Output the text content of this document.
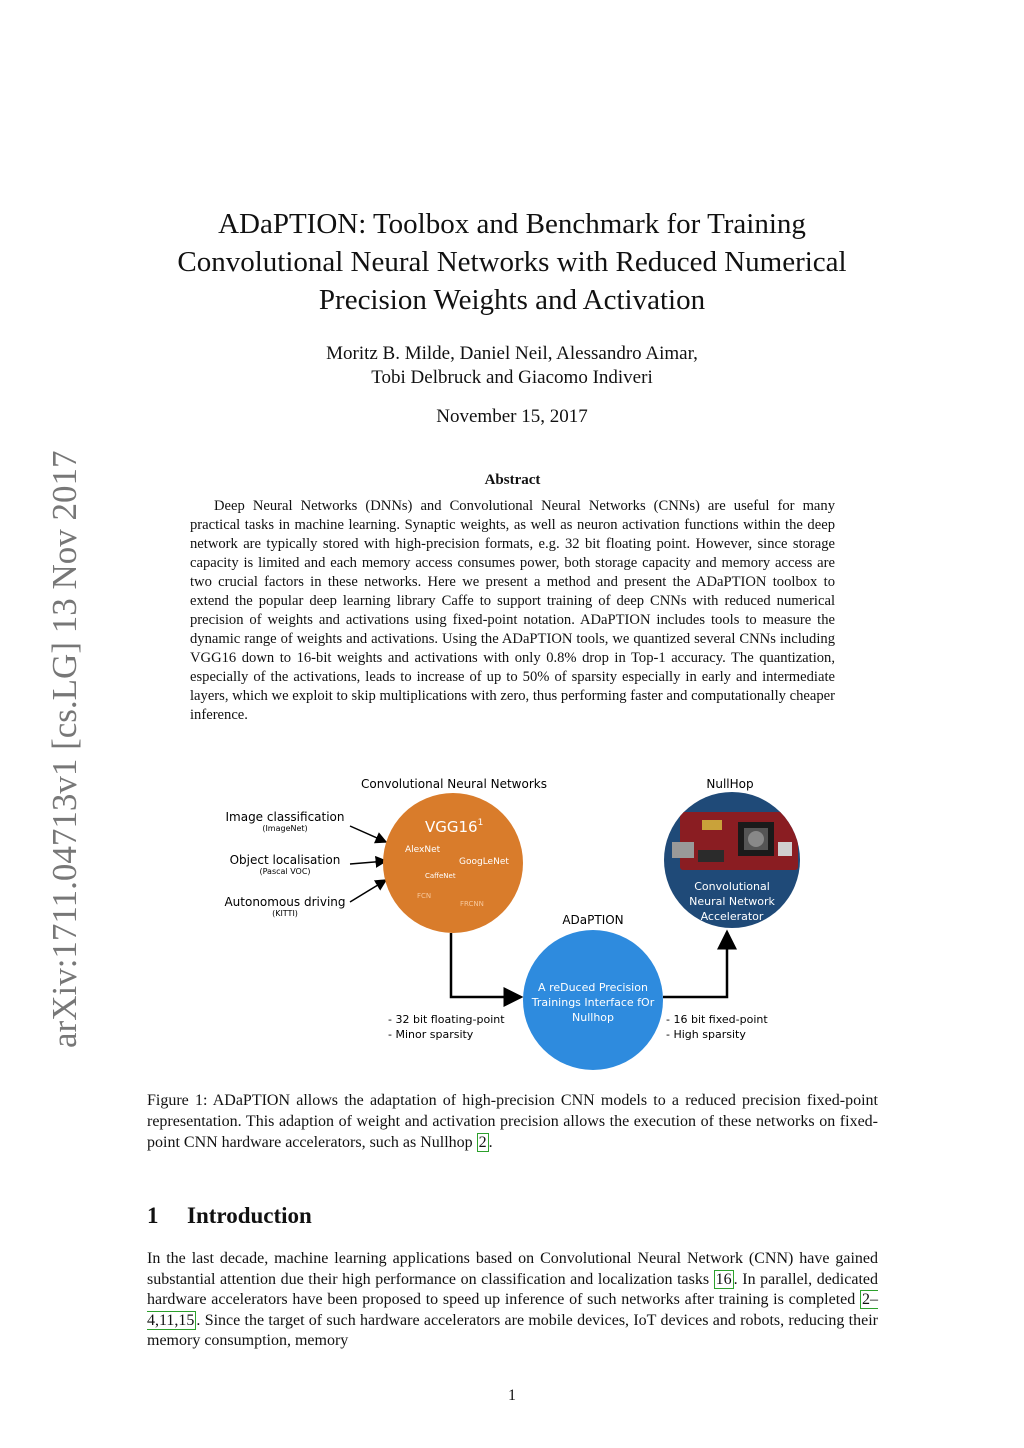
arXiv:1711.04713v1 [cs.LG] 13 Nov 2017
ADaPTION: Toolbox and Benchmark for Training Convolutional Neural Networks with Reduced Numerical Precision Weights and Activation
Moritz B. Milde, Daniel Neil, Alessandro Aimar,
Tobi Delbruck and Giacomo Indiveri
November 15, 2017
Abstract

Deep Neural Networks (DNNs) and Convolutional Neural Networks (CNNs) are useful for many practical tasks in machine learning. Synaptic weights, as well as neuron activation functions within the deep network are typically stored with high-precision formats, e.g. 32 bit floating point. However, since storage capacity is limited and each memory access consumes power, both storage capacity and memory access are two crucial factors in these networks. Here we present a method and present the ADaPTION toolbox to extend the popular deep learning library Caffe to support training of deep CNNs with reduced numerical precision of weights and activations using fixed-point notation. ADaPTION includes tools to measure the dynamic range of weights and activations. Using the ADaPTION tools, we quantized several CNNs including VGG16 down to 16-bit weights and activations with only 0.8% drop in Top-1 accuracy. The quantization, especially of the activations, leads to increase of up to 50% of sparsity especially in early and intermediate layers, which we exploit to skip multiplications with zero, thus performing faster and computationally cheaper inference.

Convolutional Neural Networks	NullHop
ADaPTION
Image classification
(ImageNet)
Object localisation
(Pascal VOC)
Autonomous driving
(KITTI)
$VGG16^1$
AlexNet
GoogLeNet
CaffeNet
FCN
FRCNN
Convolutional
Neural Network
Accelerator
A reDuced Precision
Trainings Interface fOr
Nullhop
- 32 bit floating-point
- Minor sparsity
- 16 bit fixed-point
- High sparsity

Figure 1: ADaPTION allows the adaptation of high-precision CNN models to a reduced precision fixed-point representation. This adaption of weight and activation precision allows the execution of these networks on fixed-point CNN hardware accelerators, such as Nullhop 2 .

1 Introduction

In the last decade, machine learning applications based on Convolutional Neural Network (CNN) have gained substantial attention due their high performance on classification and localization tasks 16 . In parallel, dedicated hardware accelerators have been proposed to speed up inference of such networks after training is completed 2–4,11,15 . Since the target of such hardware accelerators are mobile devices, IoT devices and robots, reducing their memory consumption, memory

1
